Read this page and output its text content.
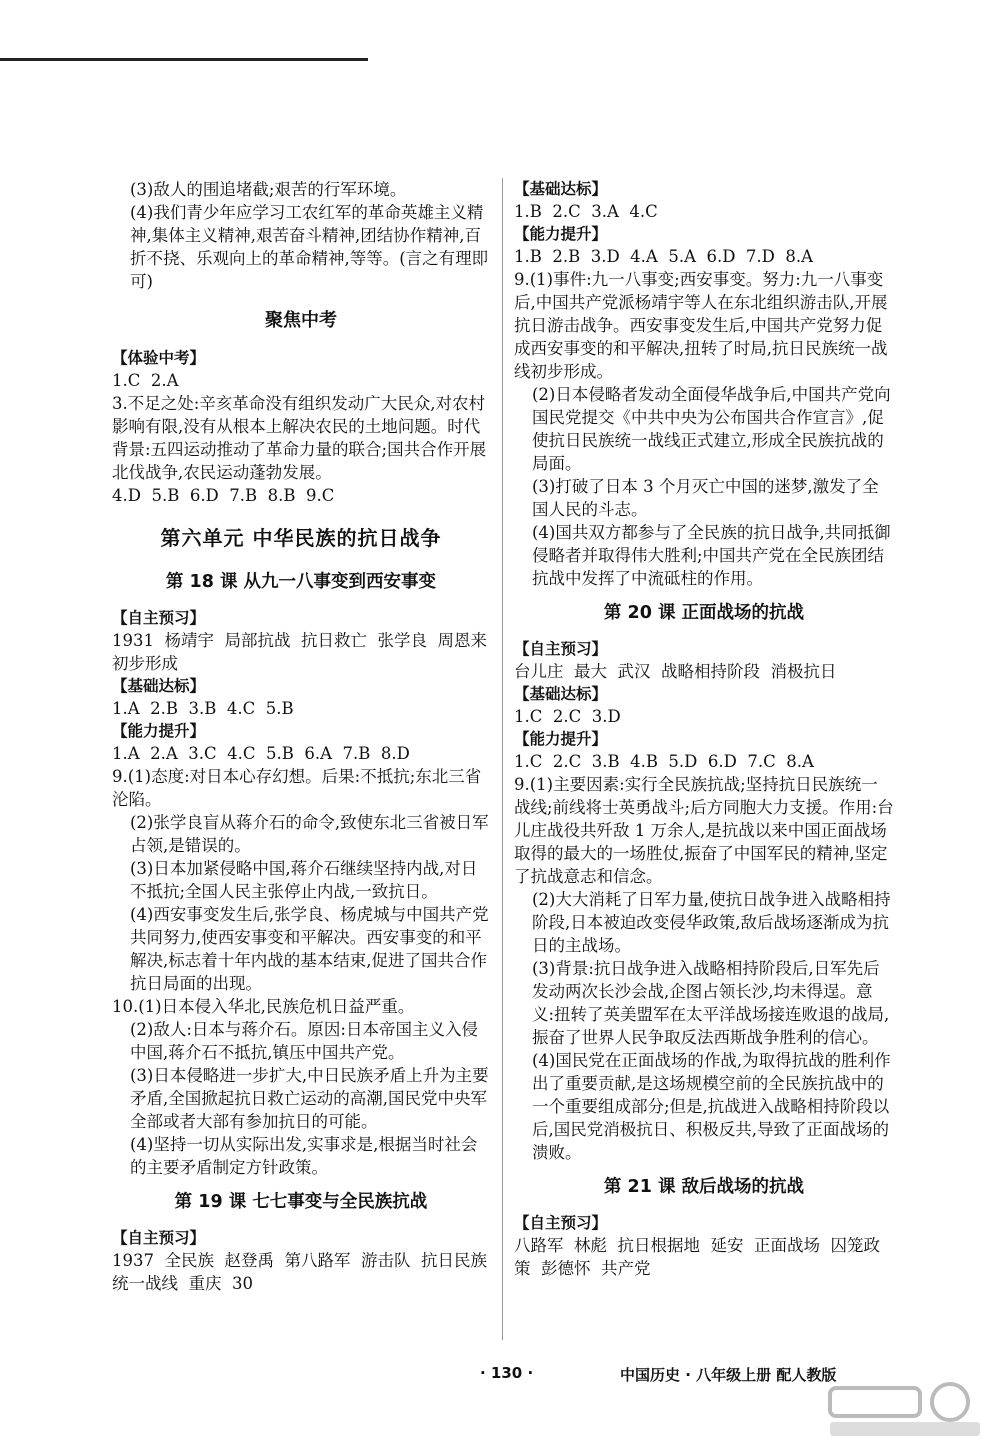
(3)敌人的围追堵截;艰苦的行军环境。

(4)我们青少年应学习工农红军的革命英雄主义精神,集体主义精神,艰苦奋斗精神,团结协作精神,百折不挠、乐观向上的革命精神,等等。(言之有理即可)

聚焦中考

【体验中考】

1.C  2.A

3.不足之处:辛亥革命没有组织发动广大民众,对农村影响有限,没有从根本上解决农民的土地问题。时代背景:五四运动推动了革命力量的联合;国共合作开展北伐战争,农民运动蓬勃发展。

4.D  5.B  6.D  7.B  8.B  9.C

第六单元 中华民族的抗日战争
第 18 课 从九一八事变到西安事变

【自主预习】

1931  杨靖宇  局部抗战  抗日救亡  张学良  周恩来  初步形成

【基础达标】

1.A  2.B  3.B  4.C  5.B

【能力提升】

1.A  2.A  3.C  4.C  5.B  6.A  7.B  8.D

9.(1)态度:对日本心存幻想。后果:不抵抗;东北三省沦陷。

(2)张学良盲从蒋介石的命令,致使东北三省被日军占领,是错误的。

(3)日本加紧侵略中国,蒋介石继续坚持内战,对日不抵抗;全国人民主张停止内战,一致抗日。

(4)西安事变发生后,张学良、杨虎城与中国共产党共同努力,使西安事变和平解决。西安事变的和平解决,标志着十年内战的基本结束,促进了国共合作抗日局面的出现。

10.(1)日本侵入华北,民族危机日益严重。

(2)敌人:日本与蒋介石。原因:日本帝国主义入侵中国,蒋介石不抵抗,镇压中国共产党。

(3)日本侵略进一步扩大,中日民族矛盾上升为主要矛盾,全国掀起抗日救亡运动的高潮,国民党中央军全部或者大部有参加抗日的可能。

(4)坚持一切从实际出发,实事求是,根据当时社会的主要矛盾制定方针政策。

第 19 课 七七事变与全民族抗战

【自主预习】

1937  全民族  赵登禹  第八路军  游击队  抗日民族统一战线  重庆  30

【基础达标】

1.B  2.C  3.A  4.C

【能力提升】

1.B  2.B  3.D  4.A  5.A  6.D  7.D  8.A

9.(1)事件:九一八事变;西安事变。努力:九一八事变后,中国共产党派杨靖宇等人在东北组织游击队,开展抗日游击战争。西安事变发生后,中国共产党努力促成西安事变的和平解决,扭转了时局,抗日民族统一战线初步形成。

(2)日本侵略者发动全面侵华战争后,中国共产党向国民党提交《中共中央为公布国共合作宣言》,促使抗日民族统一战线正式建立,形成全民族抗战的局面。

(3)打破了日本 3 个月灭亡中国的迷梦,激发了全国人民的斗志。

(4)国共双方都参与了全民族的抗日战争,共同抵御侵略者并取得伟大胜利;中国共产党在全民族团结抗战中发挥了中流砥柱的作用。

第 20 课 正面战场的抗战

【自主预习】

台儿庄  最大  武汉  战略相持阶段  消极抗日

【基础达标】

1.C  2.C  3.D

【能力提升】

1.C  2.C  3.B  4.B  5.D  6.D  7.C  8.A

9.(1)主要因素:实行全民族抗战;坚持抗日民族统一战线;前线将士英勇战斗;后方同胞大力支援。作用:台儿庄战役共歼敌 1 万余人,是抗战以来中国正面战场取得的最大的一场胜仗,振奋了中国军民的精神,坚定了抗战意志和信念。

(2)大大消耗了日军力量,使抗日战争进入战略相持阶段,日本被迫改变侵华政策,敌后战场逐渐成为抗日的主战场。

(3)背景:抗日战争进入战略相持阶段后,日军先后发动两次长沙会战,企图占领长沙,均未得逞。意义:扭转了英美盟军在太平洋战场接连败退的战局,振奋了世界人民争取反法西斯战争胜利的信心。

(4)国民党在正面战场的作战,为取得抗战的胜利作出了重要贡献,是这场规模空前的全民族抗战中的一个重要组成部分;但是,抗战进入战略相持阶段以后,国民党消极抗日、积极反共,导致了正面战场的溃败。

第 21 课 敌后战场的抗战

【自主预习】

八路军  林彪  抗日根据地  延安  正面战场  囚笼政策  彭德怀  共产党

· 130 ·	中国历史 · 八年级上册 配人教版
